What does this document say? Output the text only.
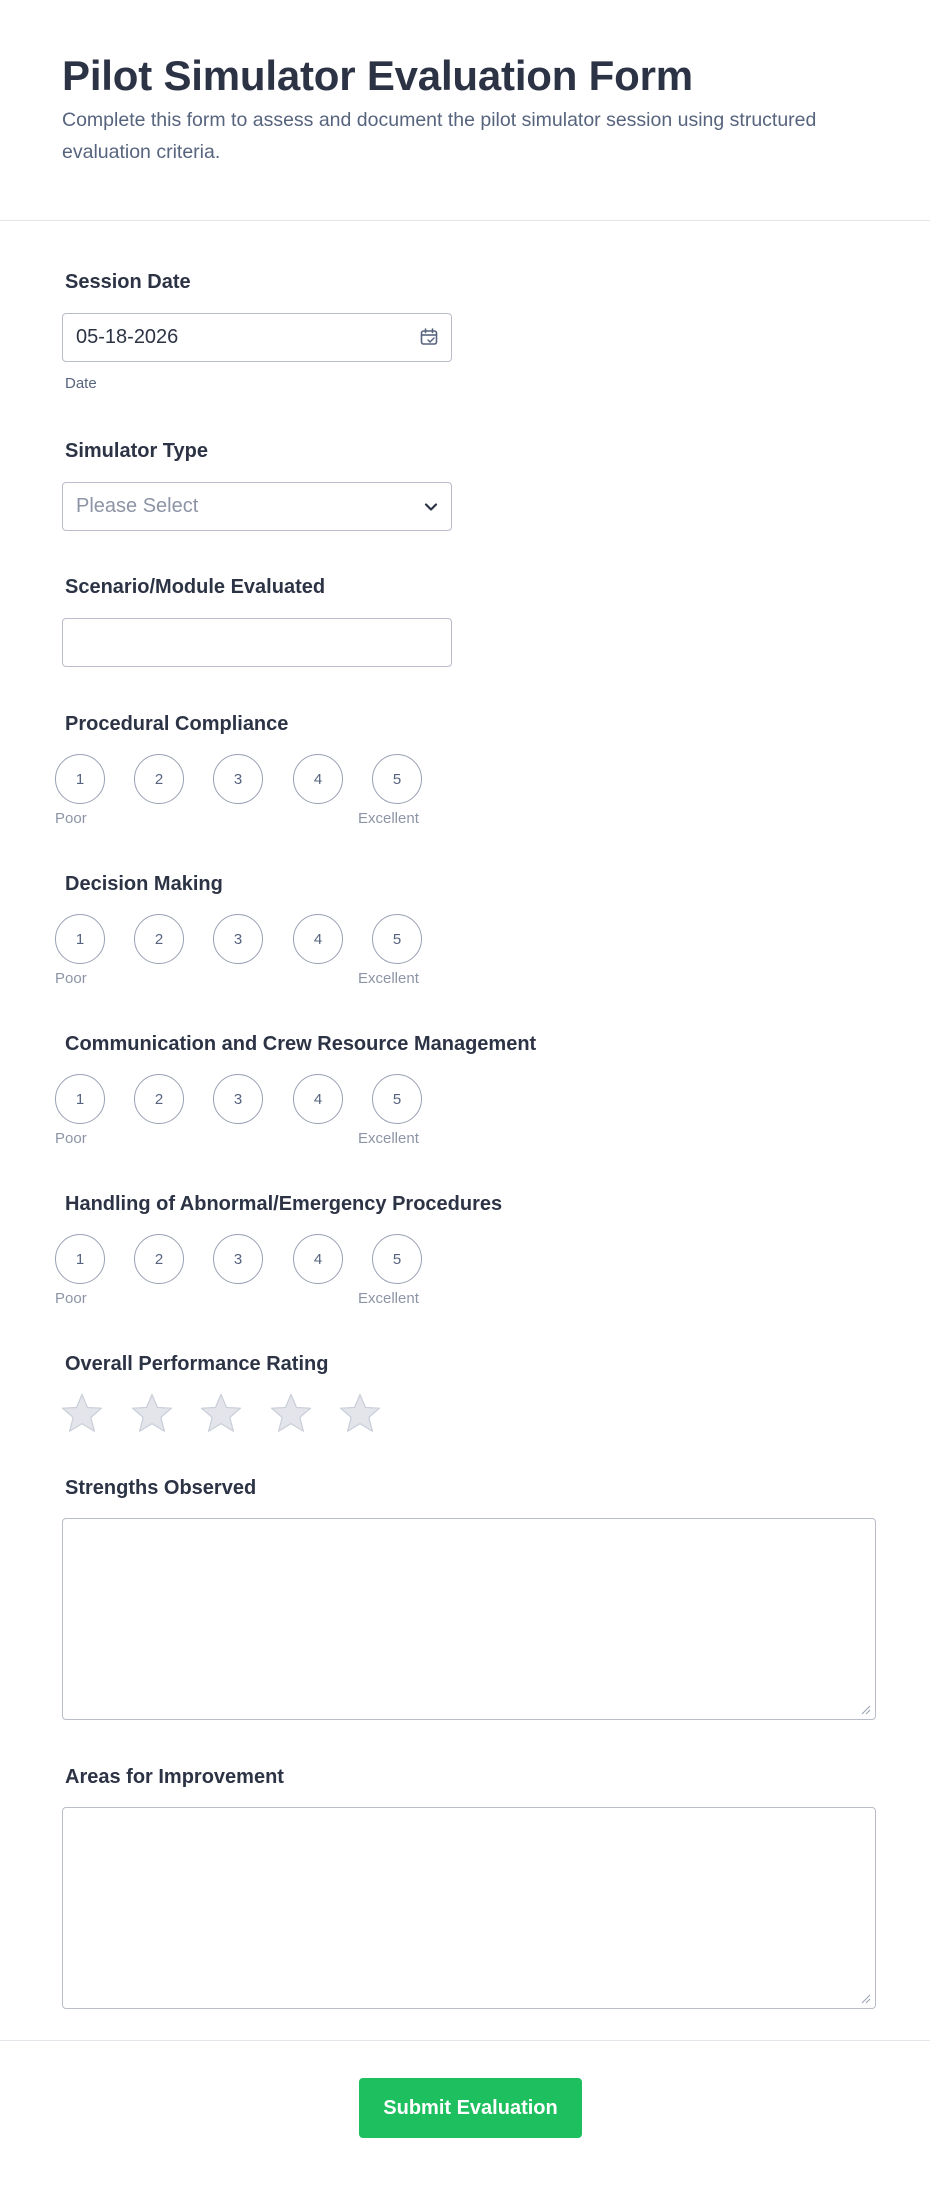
Pilot Simulator Evaluation Form

Complete this form to assess and document the pilot simulator session using structured evaluation criteria.

Session Date
05-18-2026
Date
Simulator Type
Please Select
Scenario/Module Evaluated
Procedural Compliance
1	2	3	4	5
Poor	Excellent
Decision Making
1	2	3	4	5
Poor	Excellent
Communication and Crew Resource Management
1	2	3	4	5
Poor	Excellent
Handling of Abnormal/Emergency Procedures
1	2	3	4	5
Poor	Excellent
Overall Performance Rating
Strengths Observed
Areas for Improvement
Submit Evaluation
